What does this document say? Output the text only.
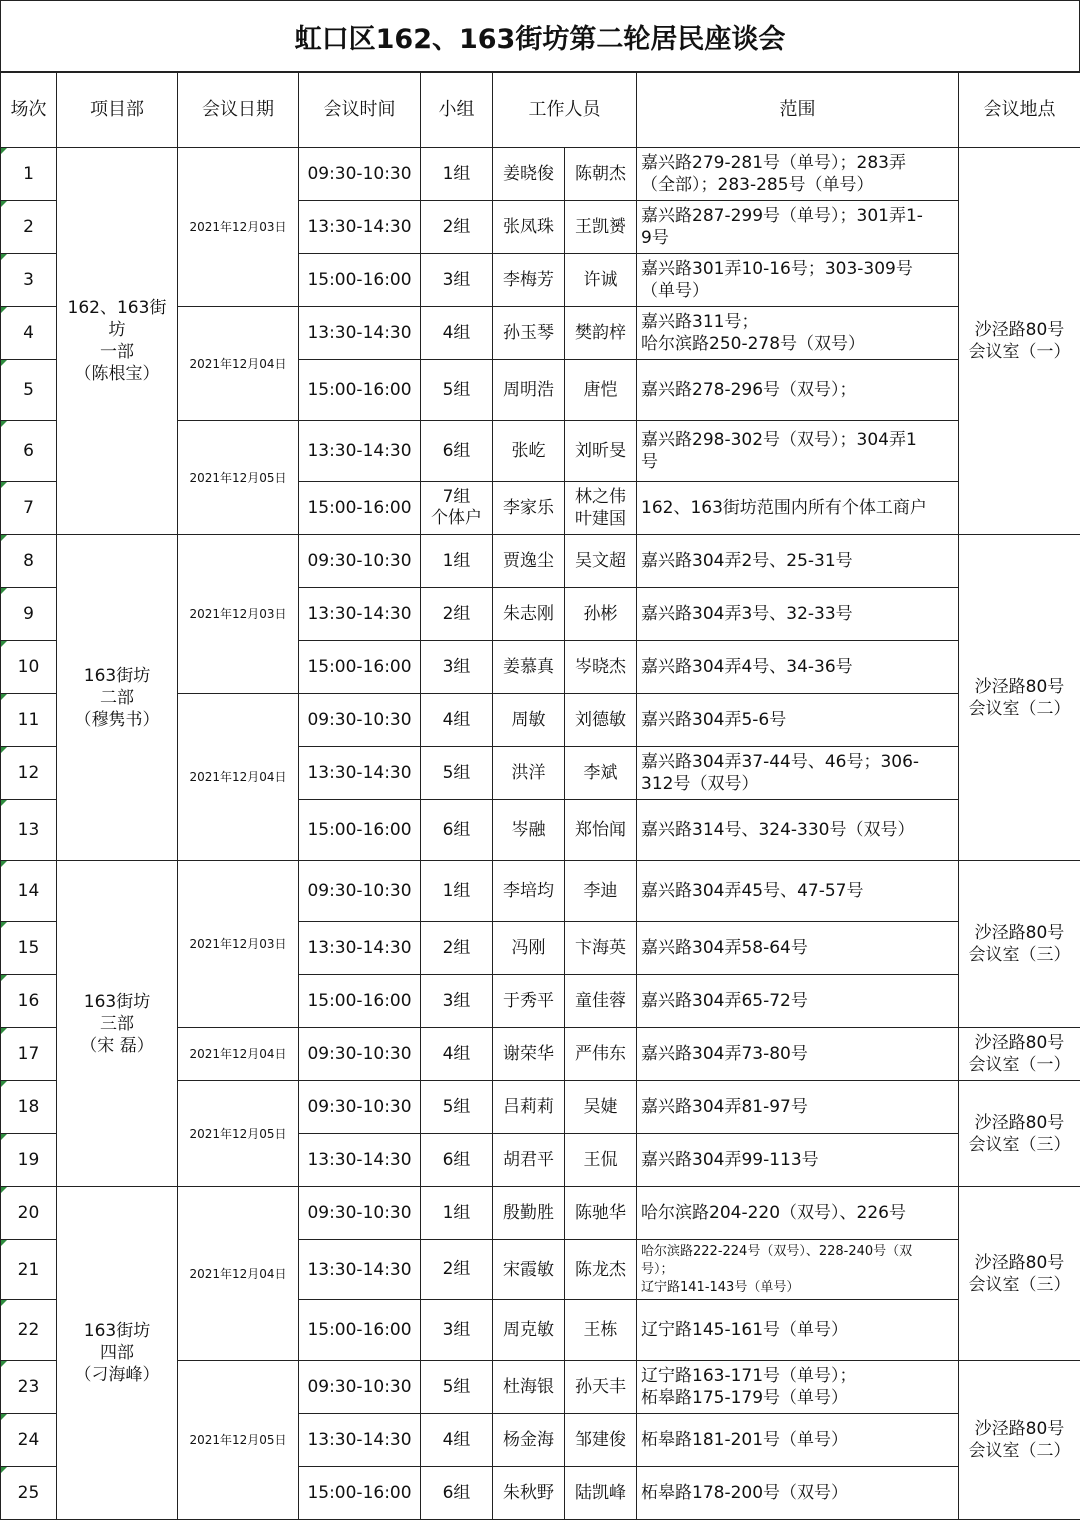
虹口区162、163街坊第二轮居民座谈会
场次	项目部	会议日期	会议时间	小组	工作人员		范围	会议地点
1	162、163街
坊
一部
（陈根宝）	2021年12月03日	09:30-10:30	1组	姜晓俊	陈朝杰	嘉兴路279-281号（单号）；283弄
（全部）；283-285号（单号）	沙泾路80号
会议室（一）
2			13:30-14:30	2组	张凤珠	王凯赟	嘉兴路287-299号（单号）；301弄1-
9号	
3			15:00-16:00	3组	李梅芳	许诚	嘉兴路301弄10-16号；303-309号
（单号）	
4		2021年12月04日	13:30-14:30	4组	孙玉琴	樊韵梓	嘉兴路311号；
哈尔滨路250-278号（双号）	
5			15:00-16:00	5组	周明浩	唐恺	嘉兴路278-296号（双号）；	
6		2021年12月05日	13:30-14:30	6组	张屹	刘昕旻	嘉兴路298-302号（双号）；304弄1
号	
7			15:00-16:00	7组
个体户	李家乐	林之伟
叶建国	162、163街坊范围内所有个体工商户	
8	163街坊
二部
（穆隽书）	2021年12月03日	09:30-10:30	1组	贾逸尘	吴文超	嘉兴路304弄2号、25-31号	沙泾路80号
会议室（二）
9			13:30-14:30	2组	朱志刚	孙彬	嘉兴路304弄3号、32-33号	
10			15:00-16:00	3组	姜慕真	岑晓杰	嘉兴路304弄4号、34-36号	
11		2021年12月04日	09:30-10:30	4组	周敏	刘德敏	嘉兴路304弄5-6号	
12			13:30-14:30	5组	洪洋	李斌	嘉兴路304弄37-44号、46号；306-
312号（双号）	
13			15:00-16:00	6组	岑融	郑怡闻	嘉兴路314号、324-330号（双号）	
14	163街坊
三部
（宋 磊）	2021年12月03日	09:30-10:30	1组	李培均	李迪	嘉兴路304弄45号、47-57号	沙泾路80号
会议室（三）
15			13:30-14:30	2组	冯刚	卞海英	嘉兴路304弄58-64号	
16			15:00-16:00	3组	于秀平	童佳蓉	嘉兴路304弄65-72号	
17		2021年12月04日	09:30-10:30	4组	谢荣华	严伟东	嘉兴路304弄73-80号	沙泾路80号
会议室（一）
18		2021年12月05日	09:30-10:30	5组	吕莉莉	吴婕	嘉兴路304弄81-97号	沙泾路80号
会议室（三）
19			13:30-14:30	6组	胡君平	王侃	嘉兴路304弄99-113号	
20	163街坊
四部
（刁海峰）	2021年12月04日	09:30-10:30	1组	殷勤胜	陈驰华	哈尔滨路204-220（双号）、226号	沙泾路80号
会议室（三）
21			13:30-14:30	2组	宋霞敏	陈龙杰	哈尔滨路222-224号（双号）、228-240号（双
号）；
辽宁路141-143号（单号）	
22			15:00-16:00	3组	周克敏	王栋	辽宁路145-161号（单号）	
23		2021年12月05日	09:30-10:30	5组	杜海银	孙天丰	辽宁路163-171号（单号）；
柘皋路175-179号（单号）	沙泾路80号
会议室（二）
24			13:30-14:30	4组	杨金海	邹建俊	柘皋路181-201号（单号）	
25			15:00-16:00	6组	朱秋野	陆凯峰	柘皋路178-200号（双号）	
